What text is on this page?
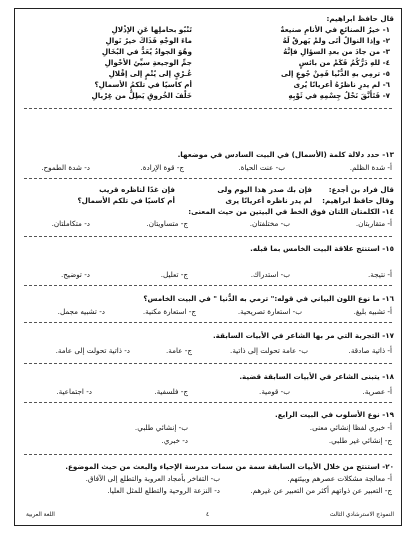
قال حافظ ابراهيم:
١- خيرُ الصنائعِ في الأنامِ صنيعةٌ
تَنْبُو بحاملِها عَنِ الإذْلالِ
٢- وإذا النوالُ أتَى ولمْ يَهرقْ لَهُ
ماءَ الوجْهِ فَذَاكَ خيرُ نَوالِ
٣- من جادَ من بعدِ السؤالِ فإنَّهُ
وهُوَ الجوادُ يُعَدُّ في البُخَالِ
٤- للهِ دَرُّكُمُ فَكَمْ من بائسٍ
جمِّ الوجيعةِ سيِّئِ الأحْوالِ
٥- ترمِي بهِ الدُّنْيا فَمِنْ جُوعٍ إلى
عُـرْيٍ إلى يُتْمٍ إلى إقْلالِ
٦- لم يدرِ ناظرُهُ أعريانًا يُرى
أم كاسيًا في تلكمُ الأسمالِ؟
٧- فَتَأَنَّقَ نَحْلُ جِسْمِهِ في ثَوْبِهِ
خَلْفَ الخُروقِ يَطِلُّ من غِرْبالِ
١٣- حدد دلالة كلمة (الأسمال) في البيت السادس في موضعها.
أ- شدة الظلم.
ب- عنت الحياة.
ج- قوة الإرادة.
د- شدة الطموح.
قال فراد بن أجدع:
فإن بك صدر هذا اليوم ولى
فإن غدًا لناظره قريب
وقال حافظ ابراهيم:
لم يدر ناظره أعريانًا يرى
أم كاسيًا في تلكم الأسمال؟
١٤- الكلمتان اللتان فوق الخط في البيتين من حيث المعنى:
أ- متقاربتان.
ب- مختلفتان.
ج- متساويتان.
د- متكاملتان.
١٥- استنتج علاقة البيت الخامس بما قبله.
أ- نتيجة.
ب- استدراك.
ج- تعليل.
د- توضيح.
١٦- ما نوع اللون البياني في قوله:" ترمي به الدُّنيا " في البيت الخامس؟
أ- تشبيه بليغ.
ب- استعارة تصريحية.
ج- استعارة مكنية.
د- تشبيه مجمل.
١٧- التجربة التي مر بها الشاعر في الأبيات السابقة.
أ- ذاتية صادقة.
ب- عامة تحولت إلى ذاتية.
ج- عامة.
د- ذاتية تحولت إلى عامة.
١٨- يتبنى الشاعر في الأبيات السابقة قضية.
أ- عصرية.
ب- قومية.
ج- فلسفية.
د- اجتماعية.
١٩- نوع الأسلوب في البيت الرابع.
أ- خبري لفظا إنشائي معنى.
ب- إنشائي طلبي.
ج- إنشائي غير طلبي.
د- خبري.
٢٠- استنتج من خلال الأبيات السابقة سمة من سمات مدرسة الإحياء والبعث من حيث الموضوع.
أ- معالجة مشكلات عصرهم وبيئتهم.
ب- التفاخر بأمجاد العروبة والتطلع إلى الآفاق.
ج- التعبير عن ذواتهم أكثر من التعبير عن غيرهم.
د- النزعة الروحية والتطلع للمثل العليا.
النموذج الاسترشادي الثالث
٤
اللغة العربية
